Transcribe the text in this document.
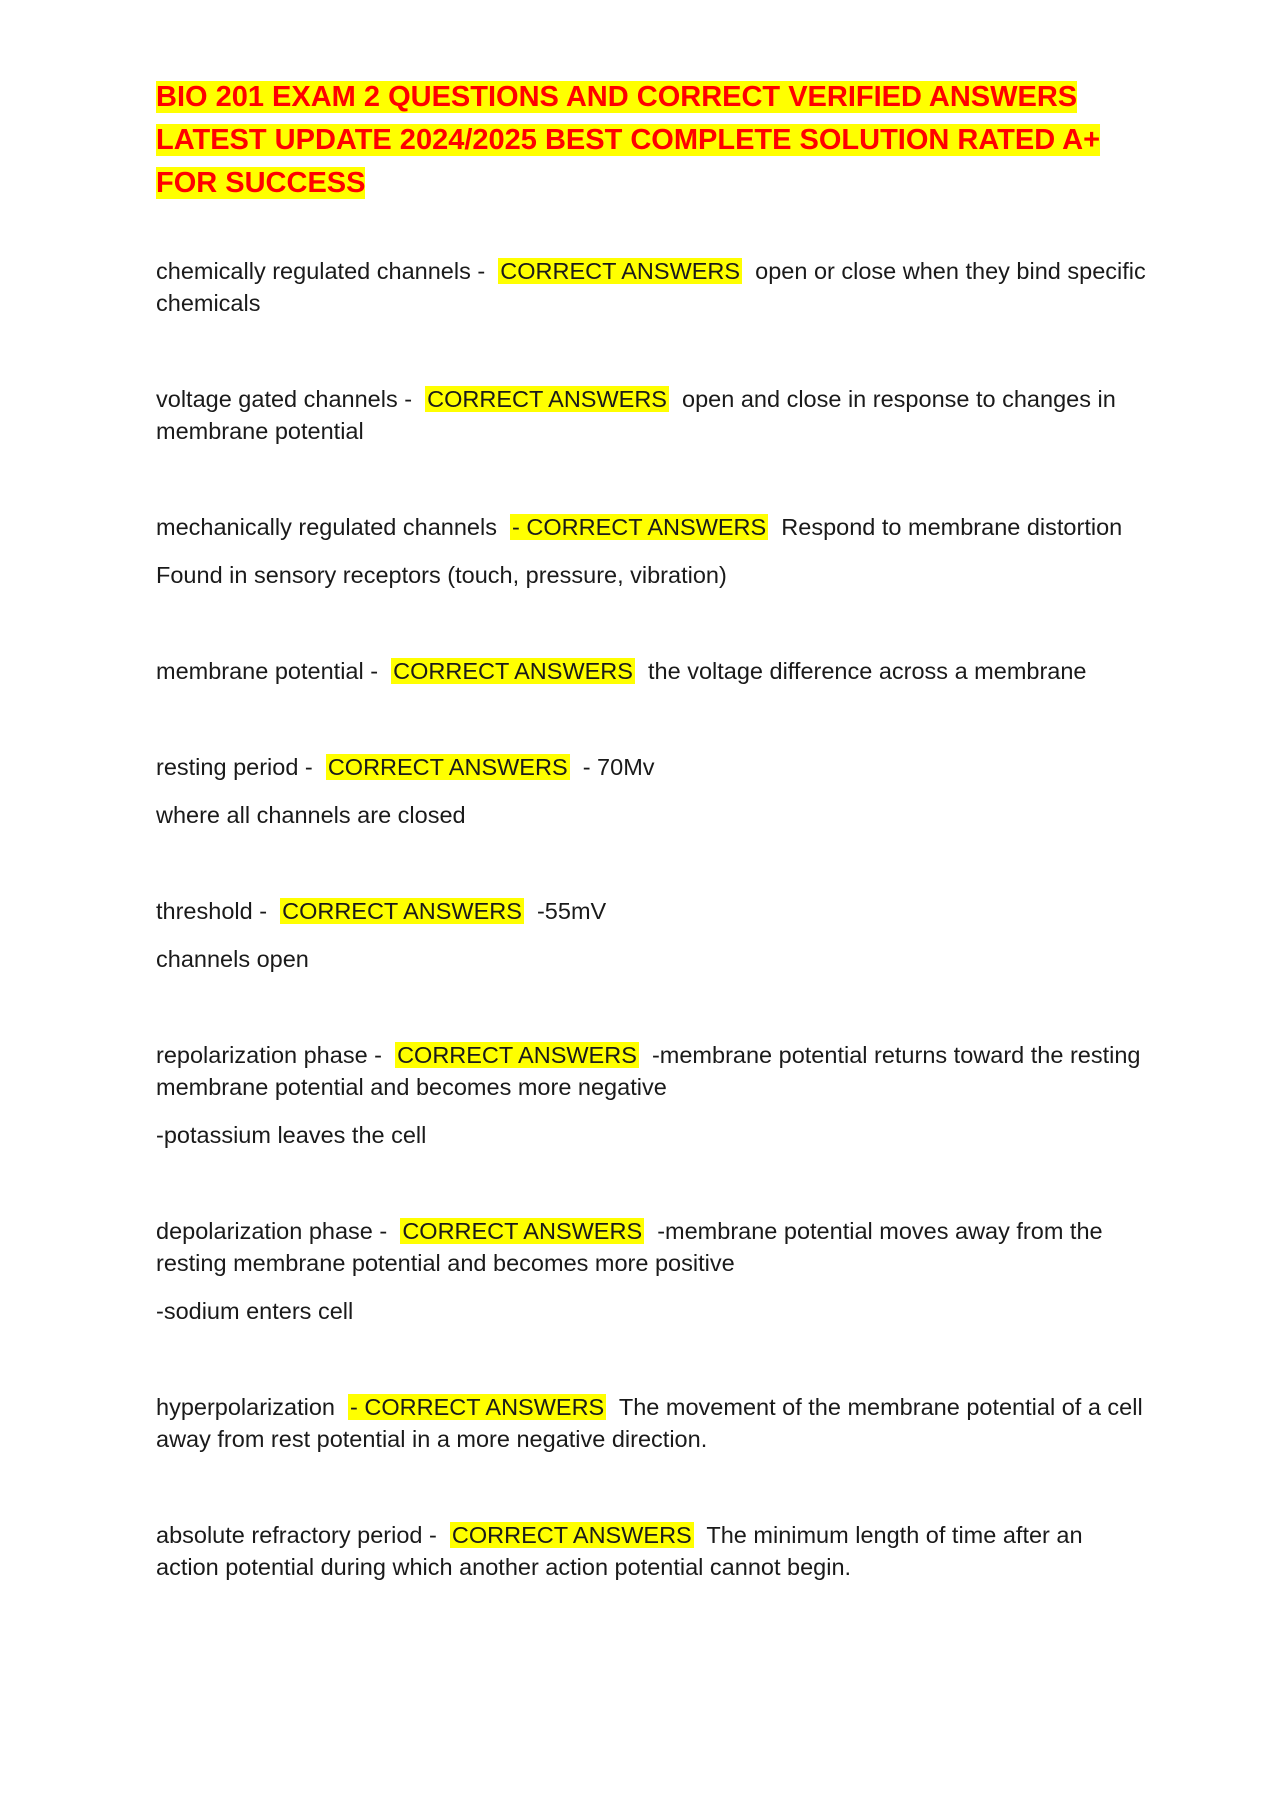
BIO 201 EXAM 2 QUESTIONS AND CORRECT VERIFIED ANSWERS
LATEST UPDATE 2024/2025 BEST COMPLETE SOLUTION RATED A+
FOR SUCCESS

chemically regulated channels - CORRECT ANSWERS open or close when they bind specific chemicals

voltage gated channels - CORRECT ANSWERS open and close in response to changes in membrane potential

mechanically regulated channels - CORRECT ANSWERS Respond to membrane distortion

Found in sensory receptors (touch, pressure, vibration)

membrane potential - CORRECT ANSWERS the voltage difference across a membrane

resting period - CORRECT ANSWERS - 70Mv

where all channels are closed

threshold - CORRECT ANSWERS -55mV

channels open

repolarization phase - CORRECT ANSWERS -membrane potential returns toward the resting membrane potential and becomes more negative

-potassium leaves the cell

depolarization phase - CORRECT ANSWERS -membrane potential moves away from the resting membrane potential and becomes more positive

-sodium enters cell

hyperpolarization - CORRECT ANSWERS The movement of the membrane potential of a cell away from rest potential in a more negative direction.

absolute refractory period - CORRECT ANSWERS The minimum length of time after an action potential during which another action potential cannot begin.
